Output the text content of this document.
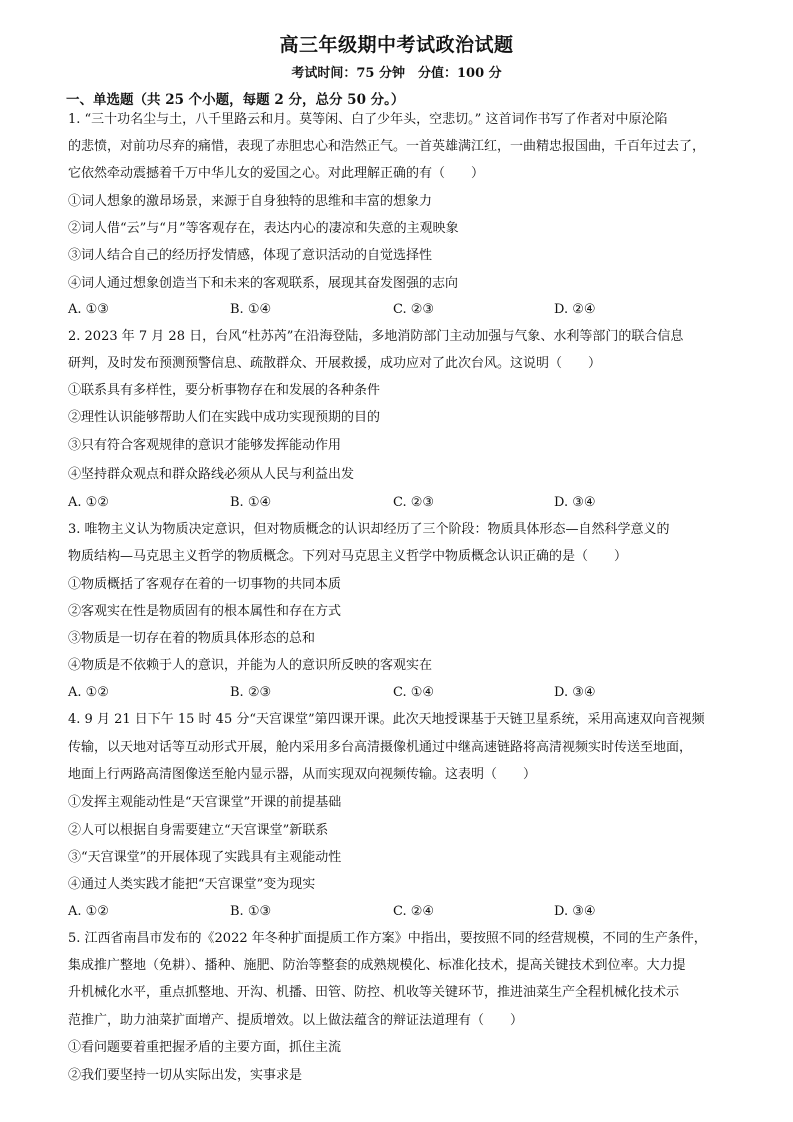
高三年级期中考试政治试题
考试时间：75 分钟　分值：100 分
一、单选题（共 25 个小题，每题 2 分，总分 50 分。）
1. “三十功名尘与土，八千里路云和月。莫等闲、白了少年头，空悲切。” 这首词作书写了作者对中原沦陷
的悲愤，对前功尽弃的痛惜，表现了赤胆忠心和浩然正气。一首英雄满江红，一曲精忠报国曲，千百年过去了，
它依然牵动震撼着千万中华儿女的爱国之心。对此理解正确的有（　　）
①词人想象的激昂场景，来源于自身独特的思维和丰富的想象力
②词人借“云”与“月”等客观存在，表达内心的凄凉和失意的主观映象
③词人结合自己的经历抒发情感，体现了意识活动的自觉选择性
④词人通过想象创造当下和未来的客观联系，展现其奋发图强的志向
A. ①③	B. ①④	C. ②③	D. ②④
2. 2023 年 7 月 28 日，台风“杜苏芮”在沿海登陆，多地消防部门主动加强与气象、水利等部门的联合信息
研判，及时发布预测预警信息、疏散群众、开展救援，成功应对了此次台风。这说明（　　）
①联系具有多样性，要分析事物存在和发展的各种条件
②理性认识能够帮助人们在实践中成功实现预期的目的
③只有符合客观规律的意识才能够发挥能动作用
④坚持群众观点和群众路线必须从人民与利益出发
A. ①②	B. ①④	C. ②③	D. ③④
3. 唯物主义认为物质决定意识，但对物质概念的认识却经历了三个阶段：物质具体形态—自然科学意义的
物质结构—马克思主义哲学的物质概念。下列对马克思主义哲学中物质概念认识正确的是（　　）
①物质概括了客观存在着的一切事物的共同本质
②客观实在性是物质固有的根本属性和存在方式
③物质是一切存在着的物质具体形态的总和
④物质是不依赖于人的意识，并能为人的意识所反映的客观实在
A. ①②	B. ②③	C. ①④	D. ③④
4. 9 月 21 日下午 15 时 45 分“天宫课堂”第四课开课。此次天地授课基于天链卫星系统，采用高速双向音视频
传输，以天地对话等互动形式开展，舱内采用多台高清摄像机通过中继高速链路将高清视频实时传送至地面，
地面上行两路高清图像送至舱内显示器，从而实现双向视频传输。这表明（　　）
①发挥主观能动性是“天宫课堂”开课的前提基础
②人可以根据自身需要建立“天宫课堂”新联系
③“天宫课堂”的开展体现了实践具有主观能动性
④通过人类实践才能把“天宫课堂”变为现实
A. ①②	B. ①③	C. ②④	D. ③④
5. 江西省南昌市发布的《2022 年冬种扩面提质工作方案》中指出，要按照不同的经营规模，不同的生产条件，
集成推广整地（免耕）、播种、施肥、防治等整套的成熟规模化、标准化技术，提高关键技术到位率。大力提
升机械化水平，重点抓整地、开沟、机播、田管、防控、机收等关键环节，推进油菜生产全程机械化技术示
范推广，助力油菜扩面增产、提质增效。以上做法蕴含的辩证法道理有（　　）
①看问题要着重把握矛盾的主要方面，抓住主流
②我们要坚持一切从实际出发，实事求是
